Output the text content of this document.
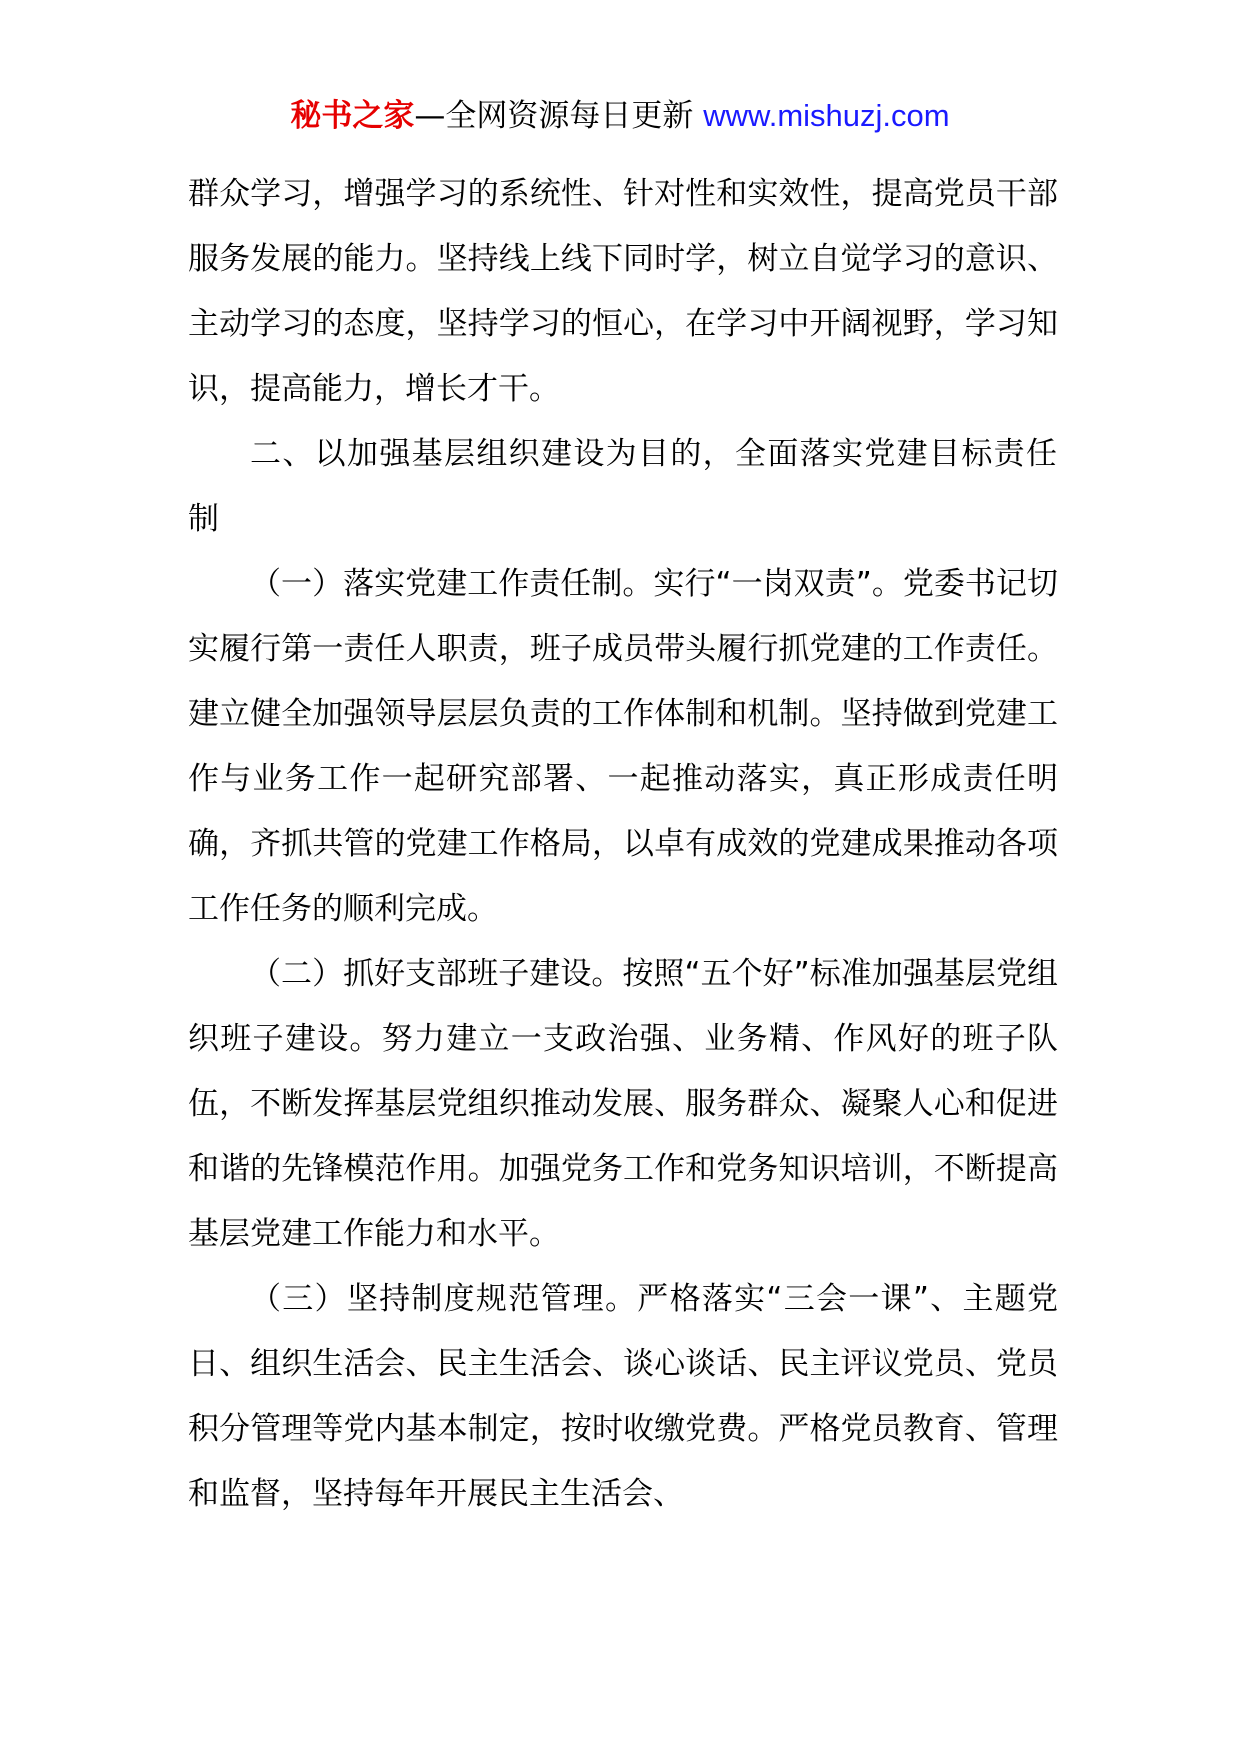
秘书之家—全网资源每日更新 www.mishuzj.com

群众学习，增强学习的系统性、针对性和实效性，提高党员干部服务发展的能力。坚持线上线下同时学，树立自觉学习的意识、主动学习的态度，坚持学习的恒心，在学习中开阔视野，学习知识，提高能力，增长才干。

二、以加强基层组织建设为目的，全面落实党建目标责任制

（一）落实党建工作责任制。实行“一岗双责”。党委书记切实履行第一责任人职责，班子成员带头履行抓党建的工作责任。建立健全加强领导层层负责的工作体制和机制。坚持做到党建工作与业务工作一起研究部署、一起推动落实，真正形成责任明确，齐抓共管的党建工作格局，以卓有成效的党建成果推动各项工作任务的顺利完成。

（二）抓好支部班子建设。按照“五个好”标准加强基层党组织班子建设。努力建立一支政治强、业务精、作风好的班子队伍，不断发挥基层党组织推动发展、服务群众、凝聚人心和促进和谐的先锋模范作用。加强党务工作和党务知识培训，不断提高基层党建工作能力和水平。

（三）坚持制度规范管理。严格落实“三会一课”、主题党日、组织生活会、民主生活会、谈心谈话、民主评议党员、党员积分管理等党内基本制定，按时收缴党费。严格党员教育、管理和监督，坚持每年开展民主生活会、
